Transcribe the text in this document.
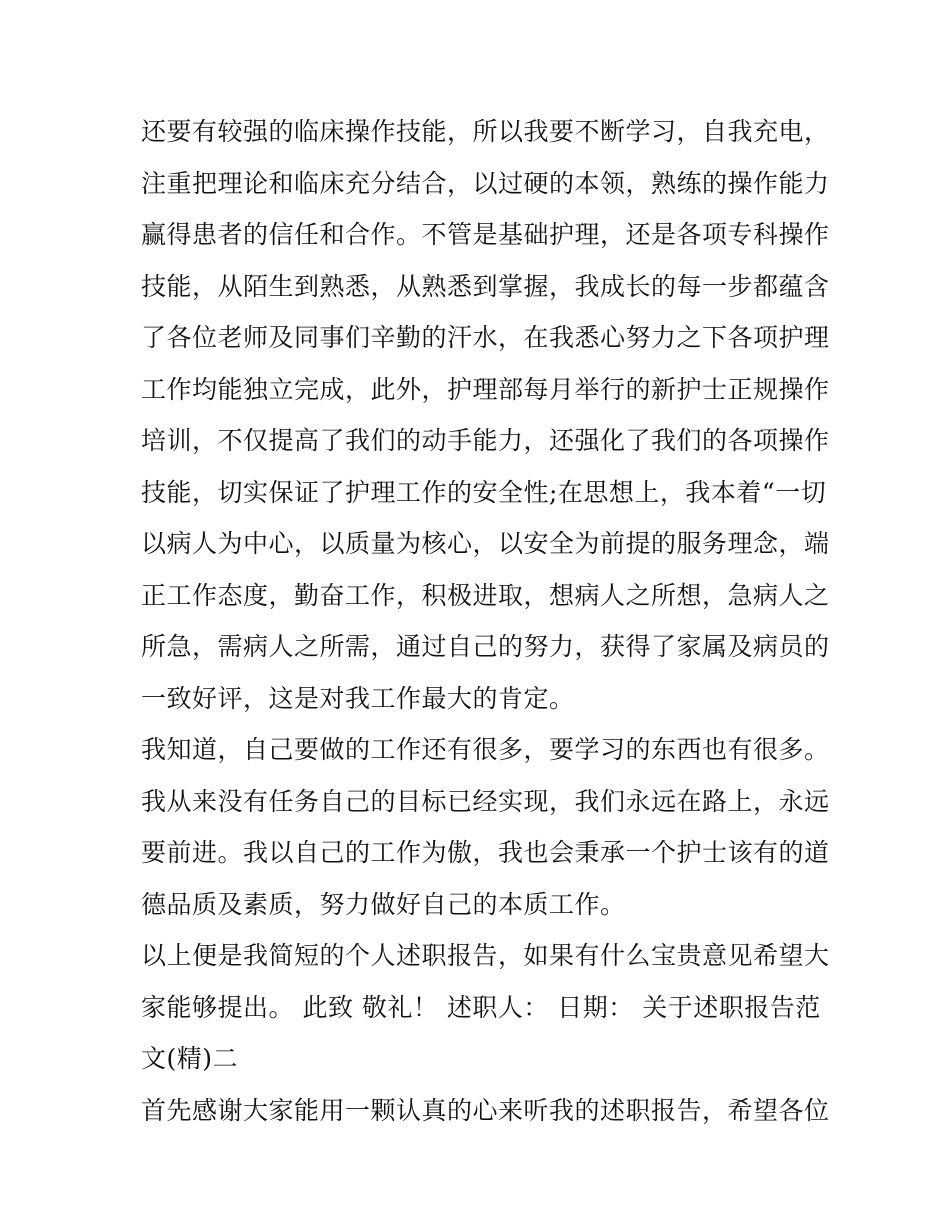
还要有较强的临床操作技能，所以我要不断学习，自我充电，
注重把理论和临床充分结合，以过硬的本领，熟练的操作能力
赢得患者的信任和合作。不管是基础护理，还是各项专科操作
技能，从陌生到熟悉，从熟悉到掌握，我成长的每一步都蕴含
了各位老师及同事们辛勤的汗水，在我悉心努力之下各项护理
工作均能独立完成，此外，护理部每月举行的新护士正规操作
培训，不仅提高了我们的动手能力，还强化了我们的各项操作
技能，切实保证了护理工作的安全性;在思想上，我本着“一切
以病人为中心，以质量为核心，以安全为前提的服务理念，端
正工作态度，勤奋工作，积极进取，想病人之所想，急病人之
所急，需病人之所需，通过自己的努力，获得了家属及病员的
一致好评，这是对我工作最大的肯定。
我知道，自己要做的工作还有很多，要学习的东西也有很多。
我从来没有任务自己的目标已经实现，我们永远在路上，永远
要前进。我以自己的工作为傲，我也会秉承一个护士该有的道
德品质及素质，努力做好自己的本质工作。
以上便是我简短的个人述职报告，如果有什么宝贵意见希望大
家能够提出。 此致 敬礼！ 述职人： 日期： 关于述职报告范
文(精)二
首先感谢大家能用一颗认真的心来听我的述职报告，希望各位
